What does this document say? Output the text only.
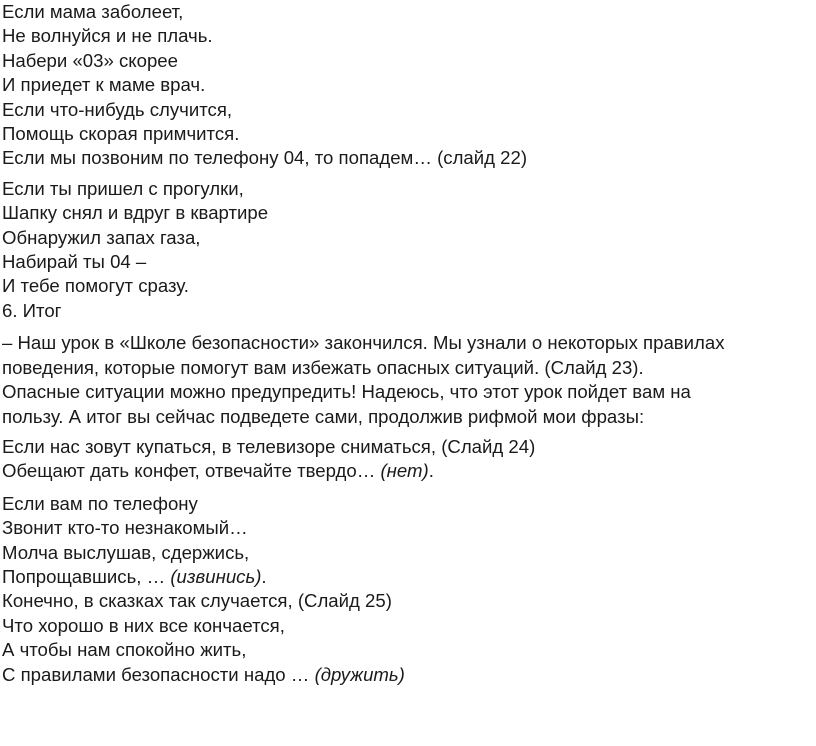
Если мама заболеет,
Не волнуйся и не плачь.
Набери «03» скорее
И приедет к маме врач.
Если что-нибудь случится,
Помощь скорая примчится.
Если мы позвоним по телефону 04, то попадем… (слайд 22)

Если ты пришел с прогулки,
Шапку снял и вдруг в квартире
Обнаружил запах газа,
Набирай ты 04 –
И тебе помогут сразу.
6. Итог

– Наш урок в «Школе безопасности» закончился. Мы узнали о некоторых правилах
поведения, которые помогут вам избежать опасных ситуаций. (Слайд 23).
Опасные ситуации можно предупредить! Надеюсь, что этот урок пойдет вам на
пользу. А итог вы сейчас подведете сами, продолжив рифмой мои фразы:

Если нас зовут купаться, в телевизоре сниматься, (Слайд 24)
Обещают дать конфет, отвечайте твердо… (нет).

Если вам по телефону
Звонит кто-то незнакомый…
Молча выслушав, сдержись,
Попрощавшись, … (извинись).
Конечно, в сказках так случается, (Слайд 25)
Что хорошо в них все кончается,
А чтобы нам спокойно жить,
С правилами безопасности надо … (дружить)
